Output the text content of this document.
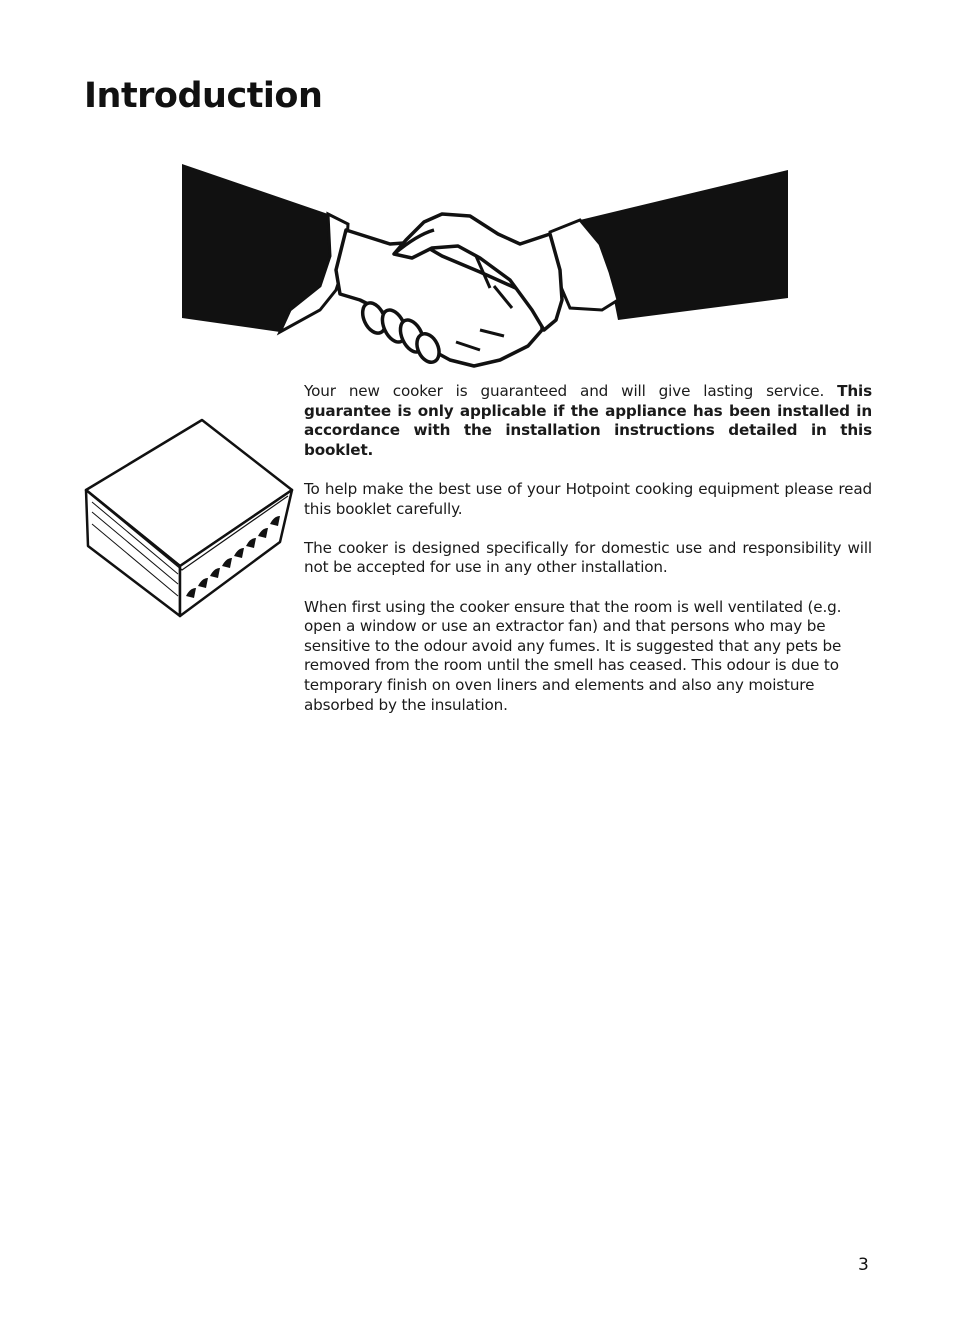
Introduction

Your new cooker is guaranteed and will give lasting service. This guarantee is only applicable if the appliance has been installed in accordance with the installation instructions detailed in this booklet.

To help make the best use of your Hotpoint cooking equipment please read this booklet carefully.

The cooker is designed specifically for domestic use and responsibility will not be accepted for use in any other installation.

When first using the cooker ensure that the room is well ventilated (e.g. open a window or use an extractor fan) and that persons who may be sensitive to the odour avoid any fumes. It is suggested that any pets be removed from the room until the smell has ceased. This odour is due to temporary finish on oven liners and elements and also any moisture absorbed by the insulation.

3
